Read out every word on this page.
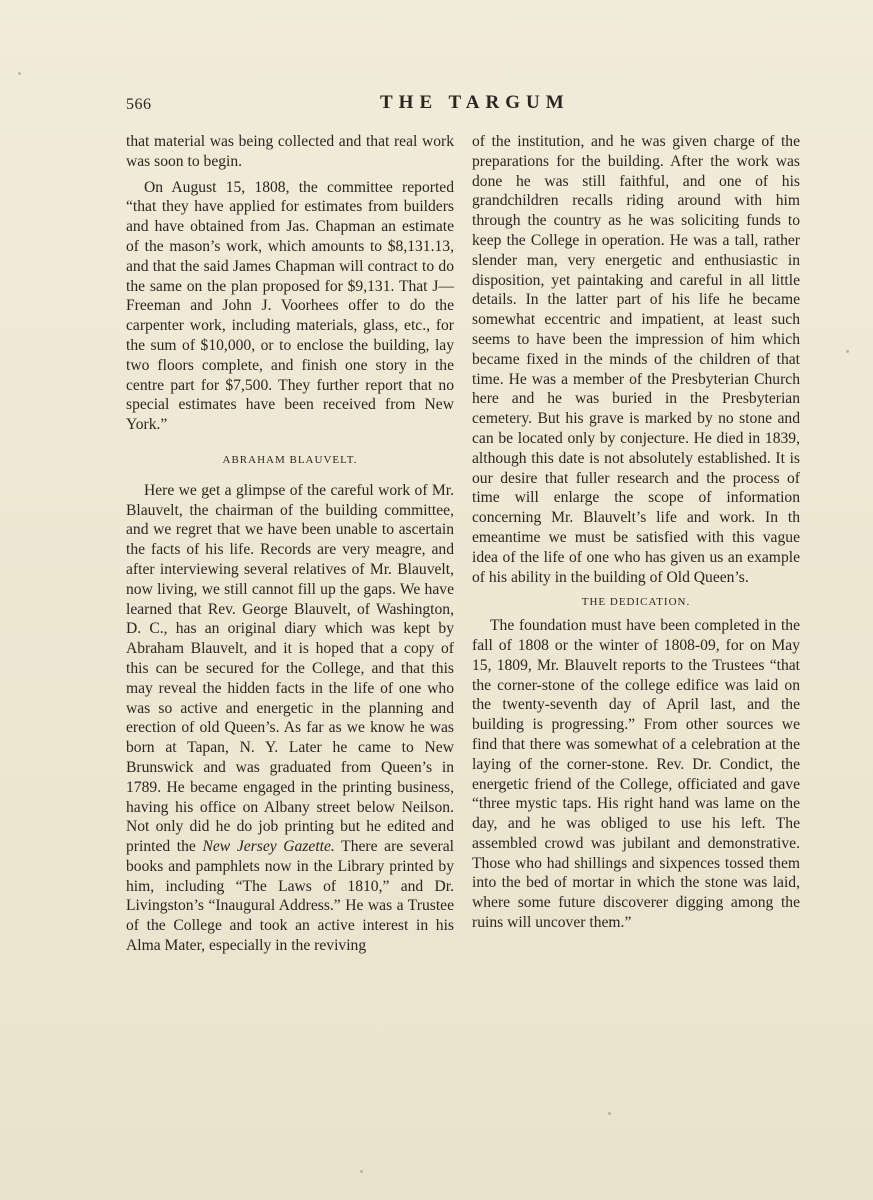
566	THE TARGUM

that material was being collected and that real work was soon to begin.

On August 15, 1808, the committee reported “that they have applied for estimates from builders and have obtained from Jas. Chapman an estimate of the mason’s work, which amounts to $8,131.13, and that the said James Chapman will contract to do the same on the plan proposed for $9,131. That J— Freeman and John J. Voorhees offer to do the carpenter work, including materials, glass, etc., for the sum of $10,000, or to enclose the building, lay two floors complete, and finish one story in the centre part for $7,500. They further report that no special estimates have been received from New York.”

ABRAHAM BLAUVELT.

Here we get a glimpse of the careful work of Mr. Blauvelt, the chairman of the building committee, and we regret that we have been unable to ascertain the facts of his life. Records are very meagre, and after interviewing several relatives of Mr. Blauvelt, now living, we still cannot fill up the gaps. We have learned that Rev. George Blauvelt, of Washington, D. C., has an original diary which was kept by Abraham Blauvelt, and it is hoped that a copy of this can be secured for the College, and that this may reveal the hidden facts in the life of one who was so active and energetic in the planning and erection of old Queen’s. As far as we know he was born at Tapan, N. Y. Later he came to New Brunswick and was graduated from Queen’s in 1789. He became engaged in the printing business, having his office on Albany street below Neilson. Not only did he do job printing but he edited and printed the New Jersey Gazette. There are several books and pamphlets now in the Library printed by him, including “The Laws of 1810,” and Dr. Livingston’s “Inaugural Address.” He was a Trustee of the College and took an active interest in his Alma Mater, especially in the reviving

of the institution, and he was given charge of the preparations for the building. After the work was done he was still faithful, and one of his grandchildren recalls riding around with him through the country as he was soliciting funds to keep the College in operation. He was a tall, rather slender man, very energetic and enthusiastic in disposition, yet paintaking and careful in all little details. In the latter part of his life he became somewhat eccentric and impatient, at least such seems to have been the impression of him which became fixed in the minds of the children of that time. He was a member of the Presbyterian Church here and he was buried in the Presbyterian cemetery. But his grave is marked by no stone and can be located only by conjecture. He died in 1839, although this date is not absolutely established. It is our desire that fuller research and the process of time will enlarge the scope of information concerning Mr. Blauvelt’s life and work. In th emeantime we must be satisfied with this vague idea of the life of one who has given us an example of his ability in the building of Old Queen’s.

THE DEDICATION.

The foundation must have been completed in the fall of 1808 or the winter of 1808-09, for on May 15, 1809, Mr. Blauvelt reports to the Trustees “that the corner-stone of the college edifice was laid on the twenty-seventh day of April last, and the building is progressing.” From other sources we find that there was somewhat of a celebration at the laying of the corner-stone. Rev. Dr. Condict, the energetic friend of the College, officiated and gave “three mystic taps. His right hand was lame on the day, and he was obliged to use his left. The assembled crowd was jubilant and demonstrative. Those who had shillings and sixpences tossed them into the bed of mortar in which the stone was laid, where some future discoverer digging among the ruins will uncover them.”
